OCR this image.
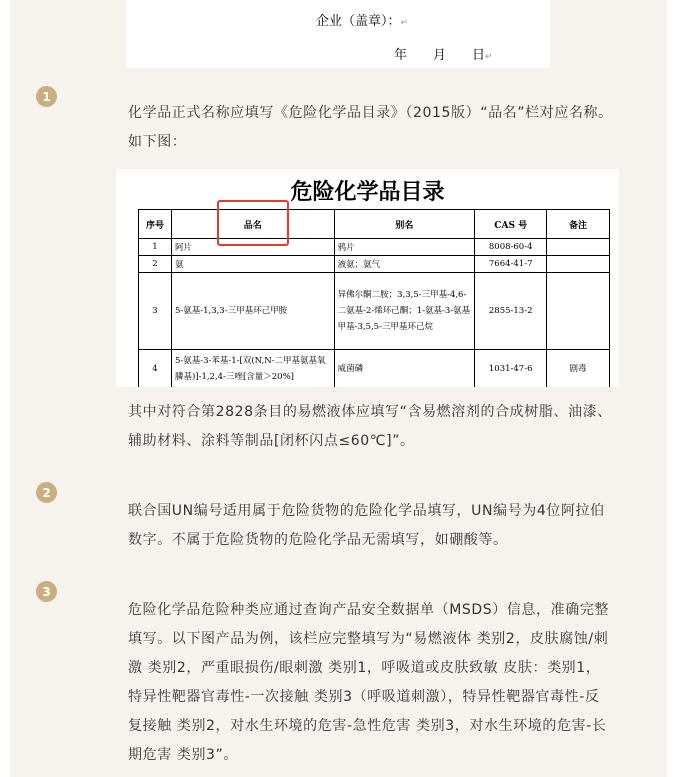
企业（盖章）：↵
年　　月　　日↵
1

化学品正式名称应填写《危险化学品目录》（2015版）“品名”栏对应名称。如下图：

危险化学品目录
序号	品名	别名	CAS 号	备注
1	阿片	鸦片	8008-60-4	
2	氨	液氨；氨气	7664-41-7	
3	5-氨基-1,3,3-三甲基环己甲胺	异佛尔酮二胺；3,3,5-三甲基-4,6-二氨基-2-烯环己酮；1-氨基-3-氨基甲基-3,5,5-三甲基环己烷	2855-13-2	
4	5-氨基-3-苯基-1-[双(N,N-二甲基氨基氧膦基)]-1,2,4-三唑[含量＞20%]	威菌磷	1031-47-6	剧毒

其中对符合第2828条目的易燃液体应填写“含易燃溶剂的合成树脂、油漆、辅助材料、涂料等制品[闭杯闪点≤60℃]”。

2

联合国UN编号适用属于危险货物的危险化学品填写，UN编号为4位阿拉伯数字。不属于危险货物的危险化学品无需填写，如硼酸等。

3

危险化学品危险种类应通过查询产品安全数据单（MSDS）信息，准确完整填写。以下图产品为例，该栏应完整填写为“易燃液体 类别2，皮肤腐蚀/刺激 类别2，严重眼损伤/眼刺激 类别1，呼吸道或皮肤致敏 皮肤：类别1，特异性靶器官毒性-一次接触 类别3（呼吸道刺激），特异性靶器官毒性-反复接触 类别2，对水生环境的危害-急性危害 类别3，对水生环境的危害-长期危害 类别3”。
